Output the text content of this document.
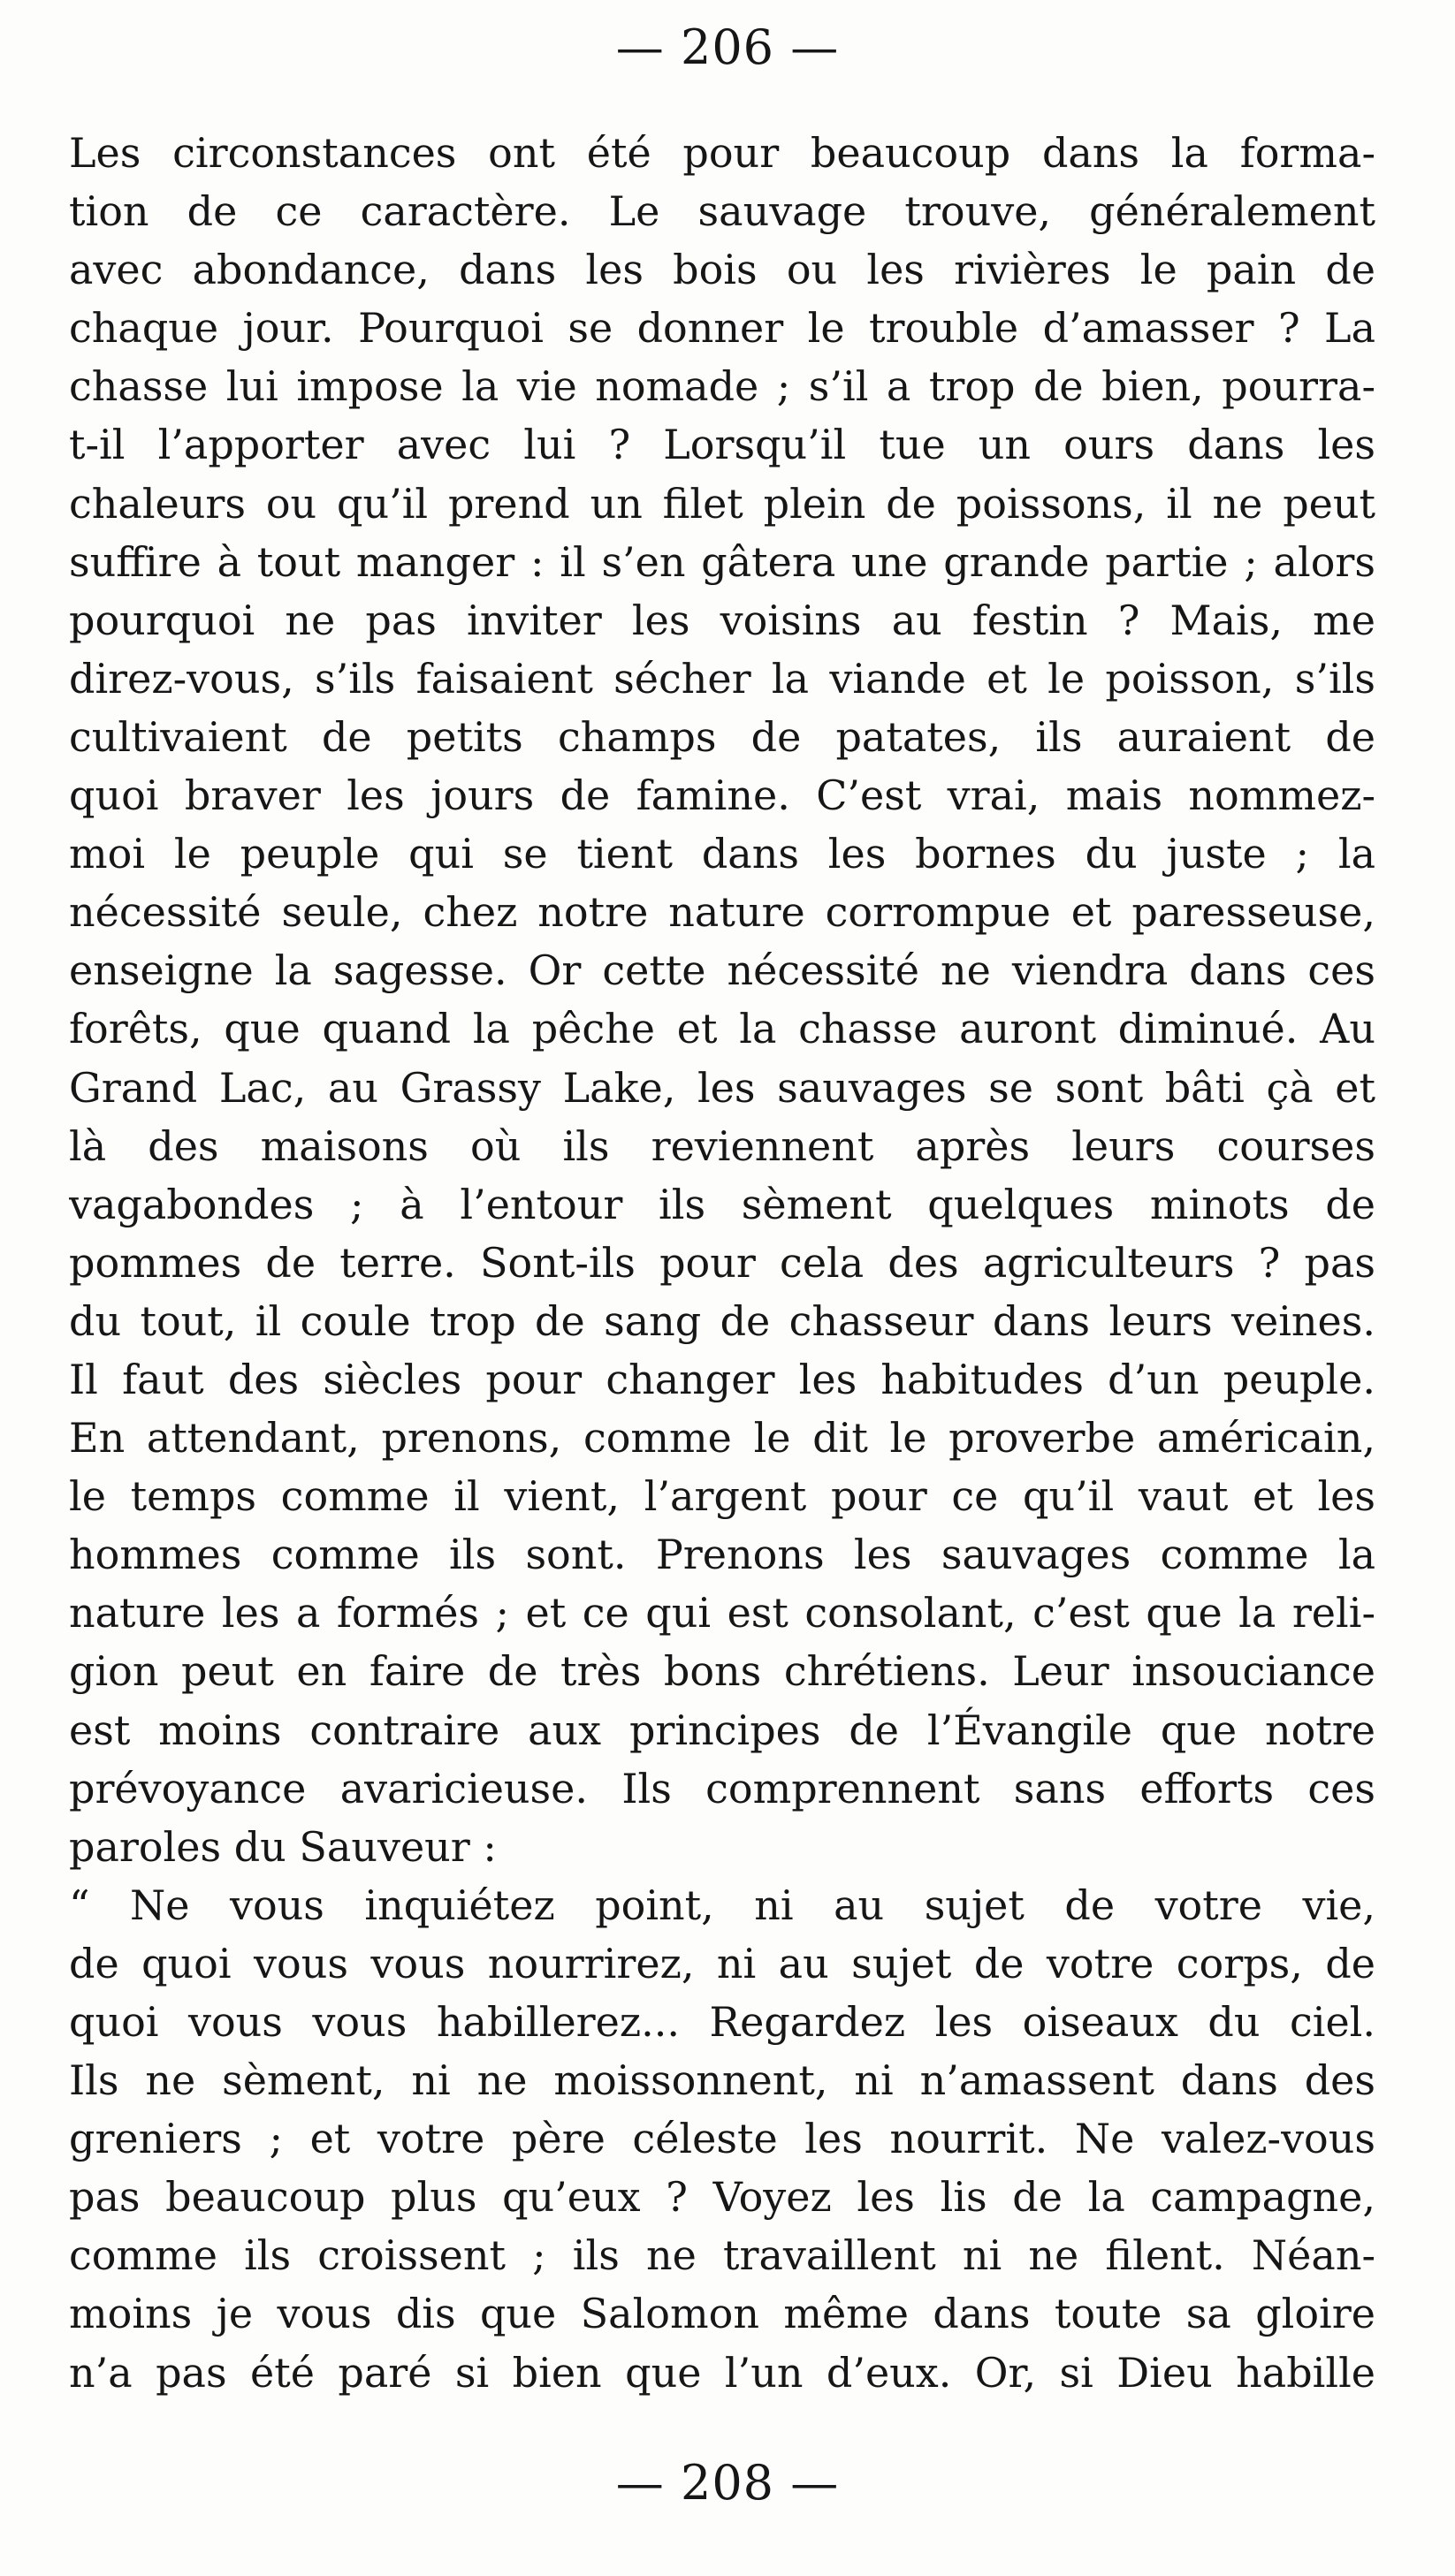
— 206 —
Les circonstances ont été pour beaucoup dans la forma-
tion de ce caractère. Le sauvage trouve, généralement
avec abondance, dans les bois ou les rivières le pain de
chaque jour. Pourquoi se donner le trouble d’amasser ? La
chasse lui impose la vie nomade ; s’il a trop de bien, pourra-
t-il l’apporter avec lui ? Lorsqu’il tue un ours dans les
chaleurs ou qu’il prend un filet plein de poissons, il ne peut
suffire à tout manger : il s’en gâtera une grande partie ; alors
pourquoi ne pas inviter les voisins au festin ? Mais, me
direz-vous, s’ils faisaient sécher la viande et le poisson, s’ils
cultivaient de petits champs de patates, ils auraient de
quoi braver les jours de famine. C’est vrai, mais nommez-
moi le peuple qui se tient dans les bornes du juste ; la
nécessité seule, chez notre nature corrompue et paresseuse,
enseigne la sagesse. Or cette nécessité ne viendra dans ces
forêts, que quand la pêche et la chasse auront diminué. Au
Grand Lac, au Grassy Lake, les sauvages se sont bâti çà et
là des maisons où ils reviennent après leurs courses
vagabondes ; à l’entour ils sèment quelques minots de
pommes de terre. Sont-ils pour cela des agriculteurs ? pas
du tout, il coule trop de sang de chasseur dans leurs veines.
Il faut des siècles pour changer les habitudes d’un peuple.
En attendant, prenons, comme le dit le proverbe américain,
le temps comme il vient, l’argent pour ce qu’il vaut et les
hommes comme ils sont. Prenons les sauvages comme la
nature les a formés ; et ce qui est consolant, c’est que la reli-
gion peut en faire de très bons chrétiens. Leur insouciance
est moins contraire aux principes de l’Évangile que notre
prévoyance avaricieuse. Ils comprennent sans efforts ces
paroles du Sauveur :
“ Ne vous inquiétez point, ni au sujet de votre vie,
de quoi vous vous nourrirez, ni au sujet de votre corps, de
quoi vous vous habillerez... Regardez les oiseaux du ciel.
Ils ne sèment, ni ne moissonnent, ni n’amassent dans des
greniers ; et votre père céleste les nourrit. Ne valez-vous
pas beaucoup plus qu’eux ? Voyez les lis de la campagne,
comme ils croissent ; ils ne travaillent ni ne filent. Néan-
moins je vous dis que Salomon même dans toute sa gloire
n’a pas été paré si bien que l’un d’eux. Or, si Dieu habille
— 208 —
